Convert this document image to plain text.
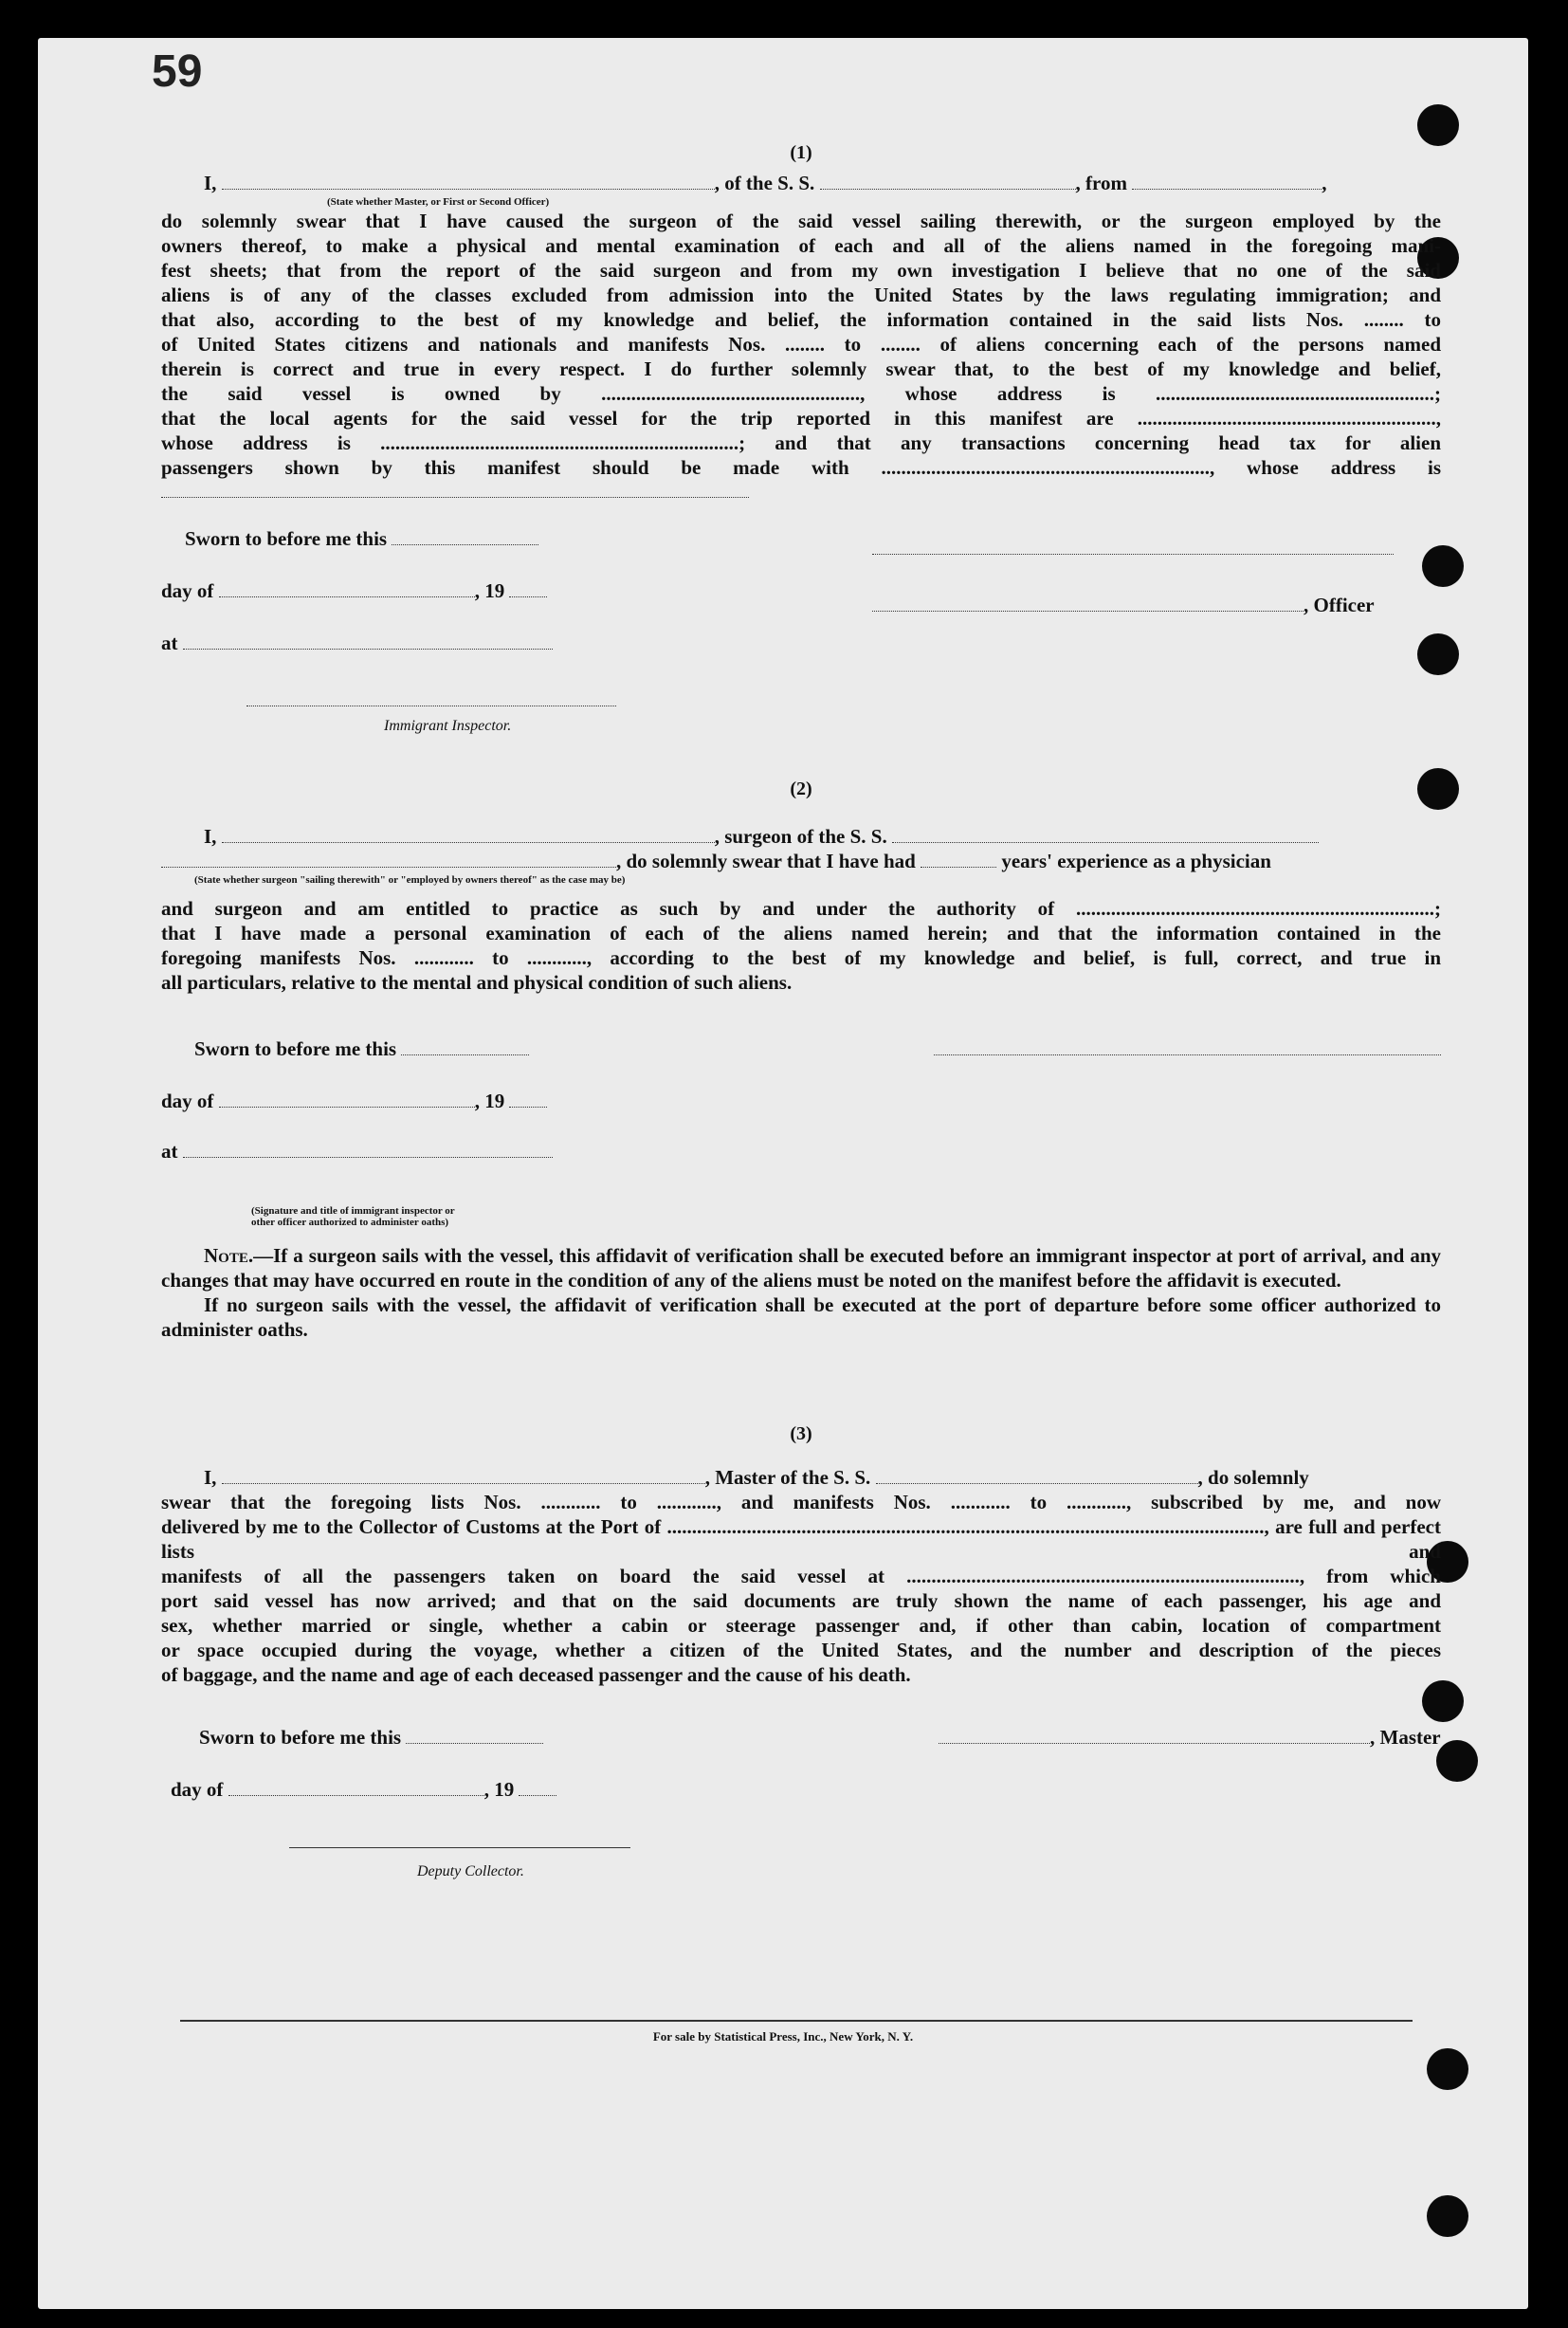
59
(1)
I,	, of the S. S.	, from	,
(State whether Master, or First or Second Officer)
do solemnly swear that I have caused the surgeon of the said vessel sailing therewith, or the surgeon employed by the
owners thereof, to make a physical and mental examination of each and all of the aliens named in the foregoing mani-
fest sheets; that from the report of the said surgeon and from my own investigation I believe that no one of the said
aliens is of any of the classes excluded from admission into the United States by the laws regulating immigration; and
that also, according to the best of my knowledge and belief, the information contained in the said lists Nos. ........ to
of United States citizens and nationals and manifests Nos. ........ to ........ of aliens concerning each of the persons named
therein is correct and true in every respect. I do further solemnly swear that, to the best of my knowledge and belief,
the said vessel is owned by ...................................................., whose address is ........................................................;
that the local agents for the said vessel for the trip reported in this manifest are ............................................................,
whose address is ........................................................................; and that any transactions concerning head tax for alien
passengers shown by this manifest should be made with .................................................................., whose address is
Sworn to before me this
day of	, 19
, Officer
at
Immigrant Inspector.
(2)
I,	, surgeon of the S. S.
, do solemnly swear that I have had	years' experience as a physician
(State whether surgeon "sailing therewith" or "employed by owners thereof" as the case may be)
and surgeon and am entitled to practice as such by and under the authority of ........................................................................;
that I have made a personal examination of each of the aliens named herein; and that the information contained in the
foregoing manifests Nos. ............ to ............, according to the best of my knowledge and belief, is full, correct, and true in
all particulars, relative to the mental and physical condition of such aliens.
Sworn to before me this
day of	, 19
at
(Signature and title of immigrant inspector or
other officer authorized to administer oaths)
Note.—If a surgeon sails with the vessel, this affidavit of verification shall be executed before an immigrant inspector at port of arrival, and any changes that may have occurred en route in the condition of any of the aliens must be noted on the manifest before the affidavit is executed.
If no surgeon sails with the vessel, the affidavit of verification shall be executed at the port of departure before some officer authorized to administer oaths.
(3)
I,	, Master of the S. S.	, do solemnly
swear that the foregoing lists Nos. ............ to ............, and manifests Nos. ............ to ............, subscribed by me, and now
delivered by me to the Collector of Customs at the Port of ........................................................................................................................, are full and perfect lists and
manifests of all the passengers taken on board the said vessel at ..............................................................................., from which
port said vessel has now arrived; and that on the said documents are truly shown the name of each passenger, his age and
sex, whether married or single, whether a cabin or steerage passenger and, if other than cabin, location of compartment
or space occupied during the voyage, whether a citizen of the United States, and the number and description of the pieces
of baggage, and the name and age of each deceased passenger and the cause of his death.
Sworn to before me this	, Master
day of	, 19
Deputy Collector.
For sale by Statistical Press, Inc., New York, N. Y.
